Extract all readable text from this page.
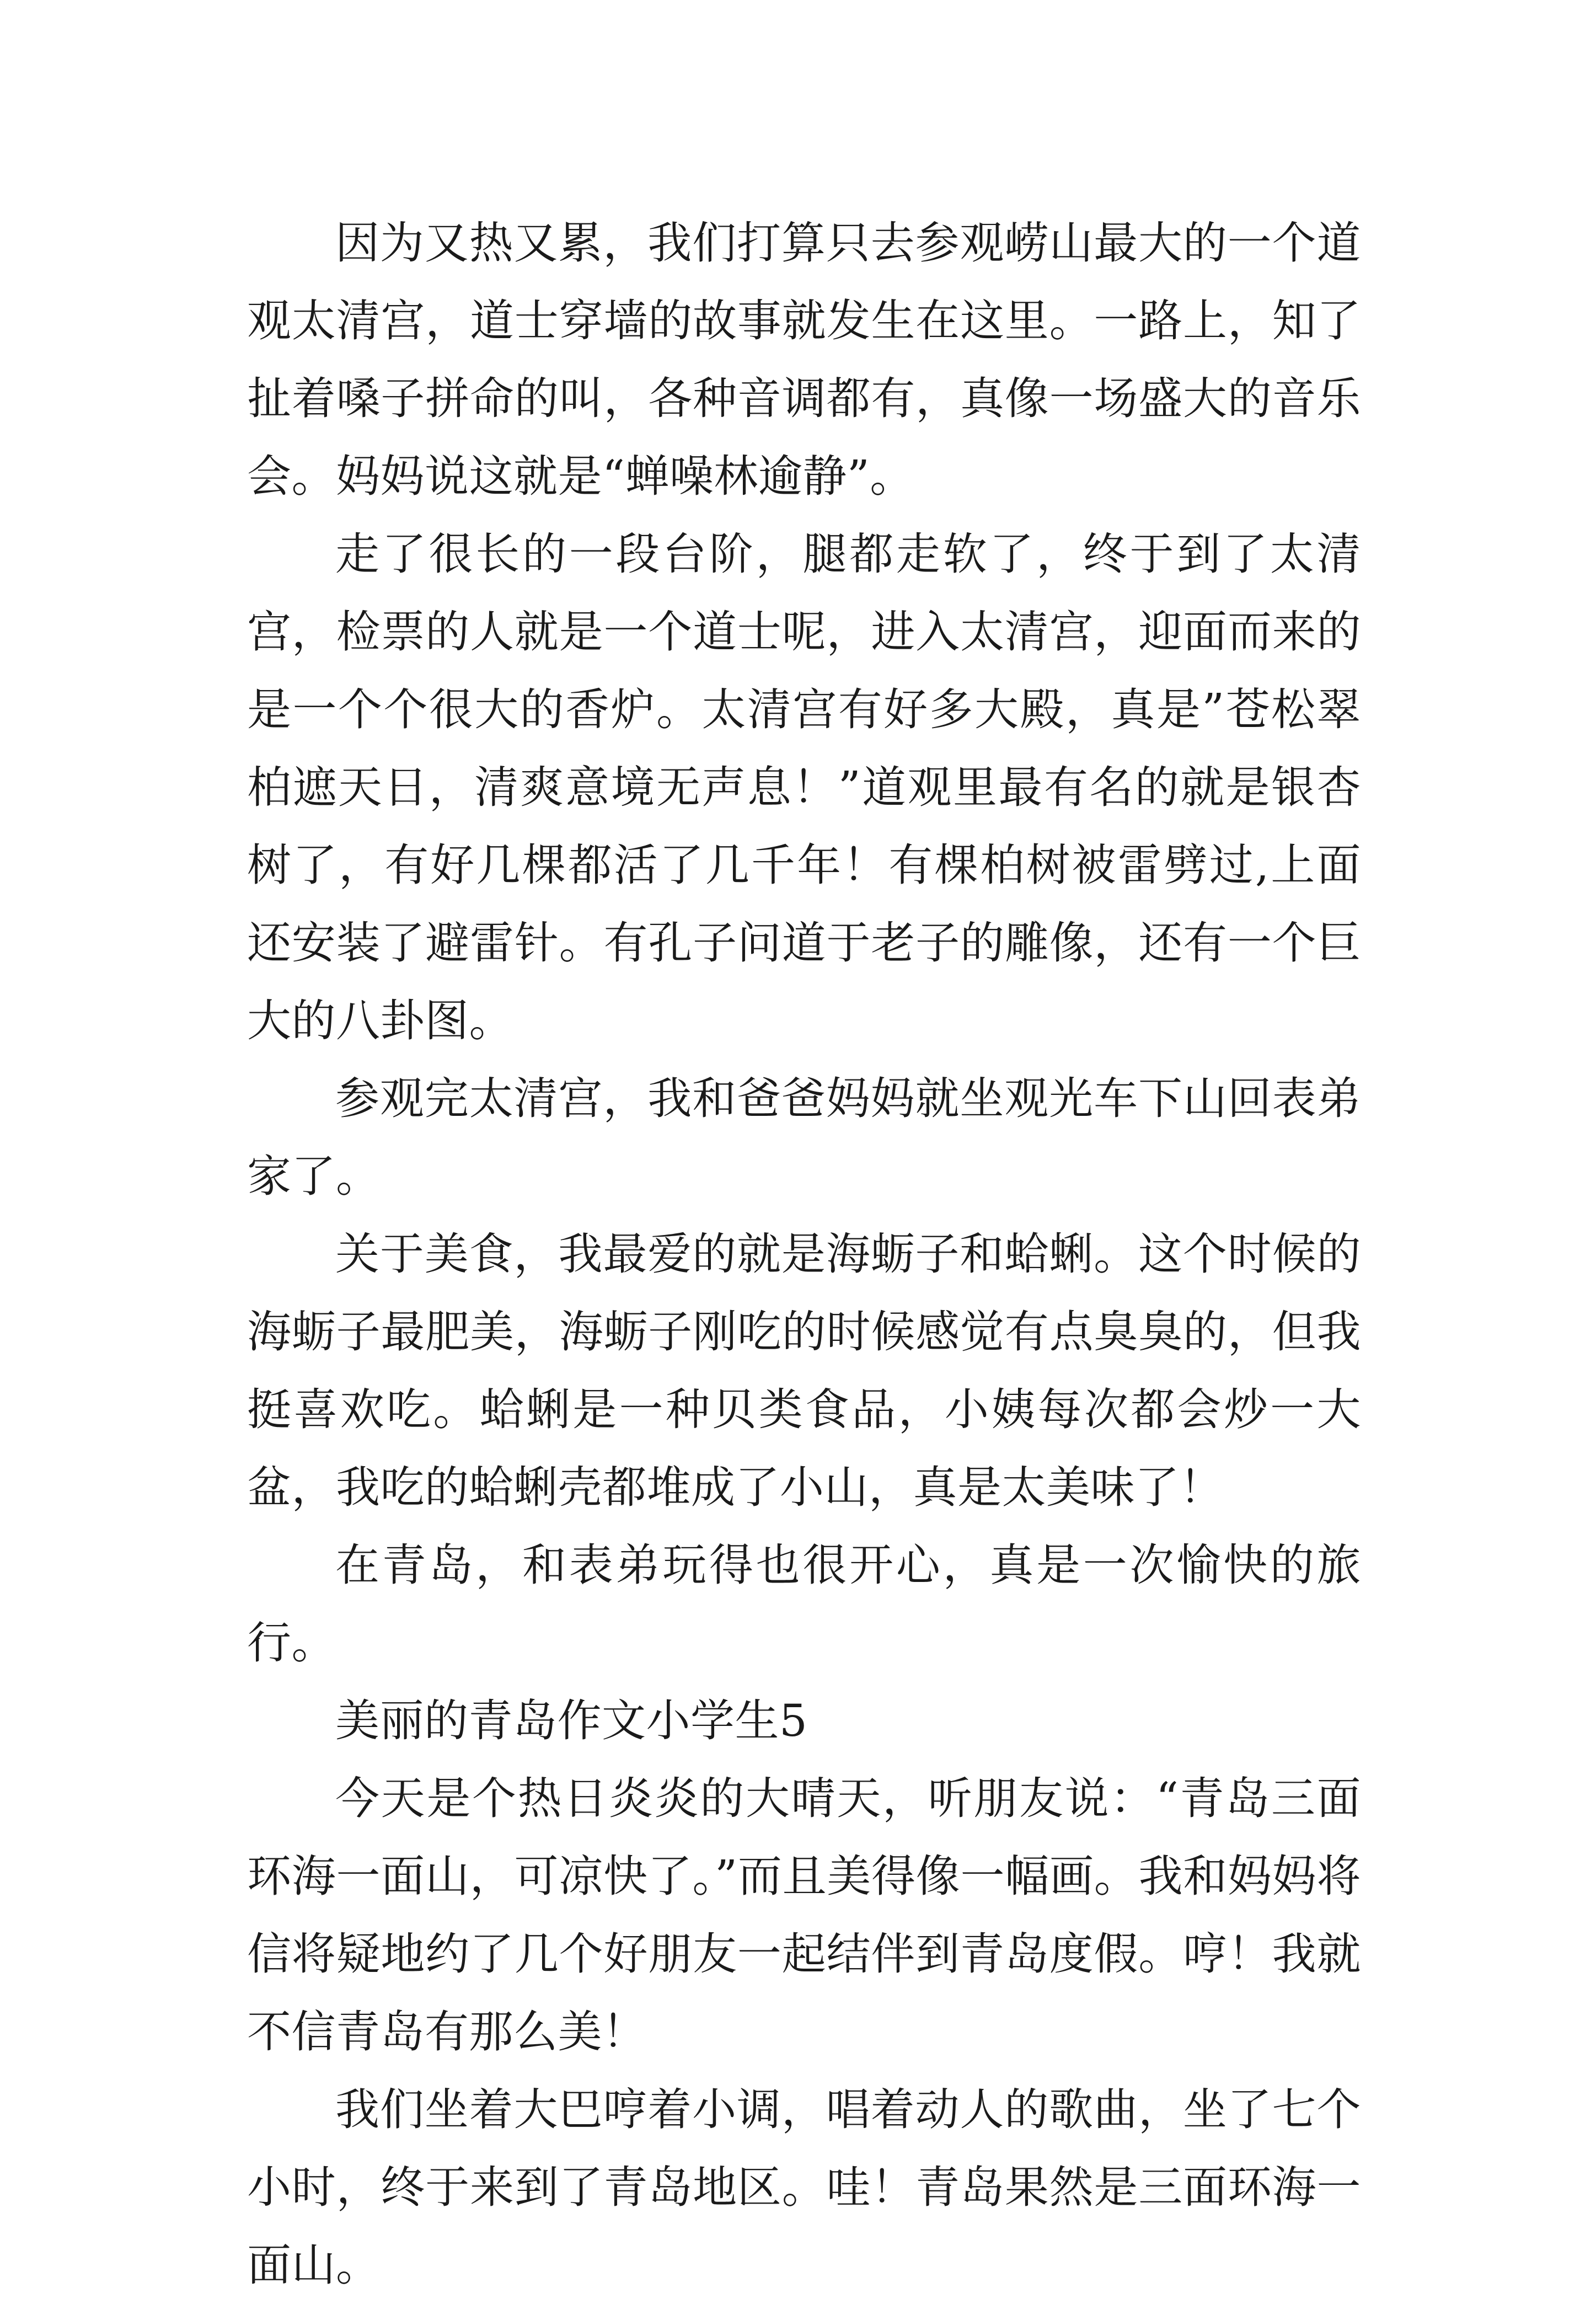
因为又热又累，我们打算只去参观崂山最大的一个道观太清宫，道士穿墙的故事就发生在这里。一路上，知了扯着嗓子拼命的叫，各种音调都有，真像一场盛大的音乐会。妈妈说这就是“蝉噪林逾静”。

走了很长的一段台阶，腿都走软了，终于到了太清宫，检票的人就是一个道士呢，进入太清宫，迎面而来的是一个个很大的香炉。太清宫有好多大殿，真是”苍松翠柏遮天日，清爽意境无声息！”道观里最有名的就是银杏树了，有好几棵都活了几千年！有棵柏树被雷劈过,上面还安装了避雷针。有孔子问道于老子的雕像，还有一个巨大的八卦图。

参观完太清宫，我和爸爸妈妈就坐观光车下山回表弟家了。

关于美食，我最爱的就是海蛎子和蛤蜊。这个时候的海蛎子最肥美，海蛎子刚吃的时候感觉有点臭臭的，但我挺喜欢吃。蛤蜊是一种贝类食品，小姨每次都会炒一大盆，我吃的蛤蜊壳都堆成了小山，真是太美味了！

在青岛，和表弟玩得也很开心，真是一次愉快的旅行。

美丽的青岛作文小学生5

今天是个热日炎炎的大晴天，听朋友说：“青岛三面环海一面山，可凉快了。”而且美得像一幅画。我和妈妈将信将疑地约了几个好朋友一起结伴到青岛度假。哼！我就不信青岛有那么美！

我们坐着大巴哼着小调，唱着动人的歌曲，坐了七个小时，终于来到了青岛地区。哇！青岛果然是三面环海一面山。
